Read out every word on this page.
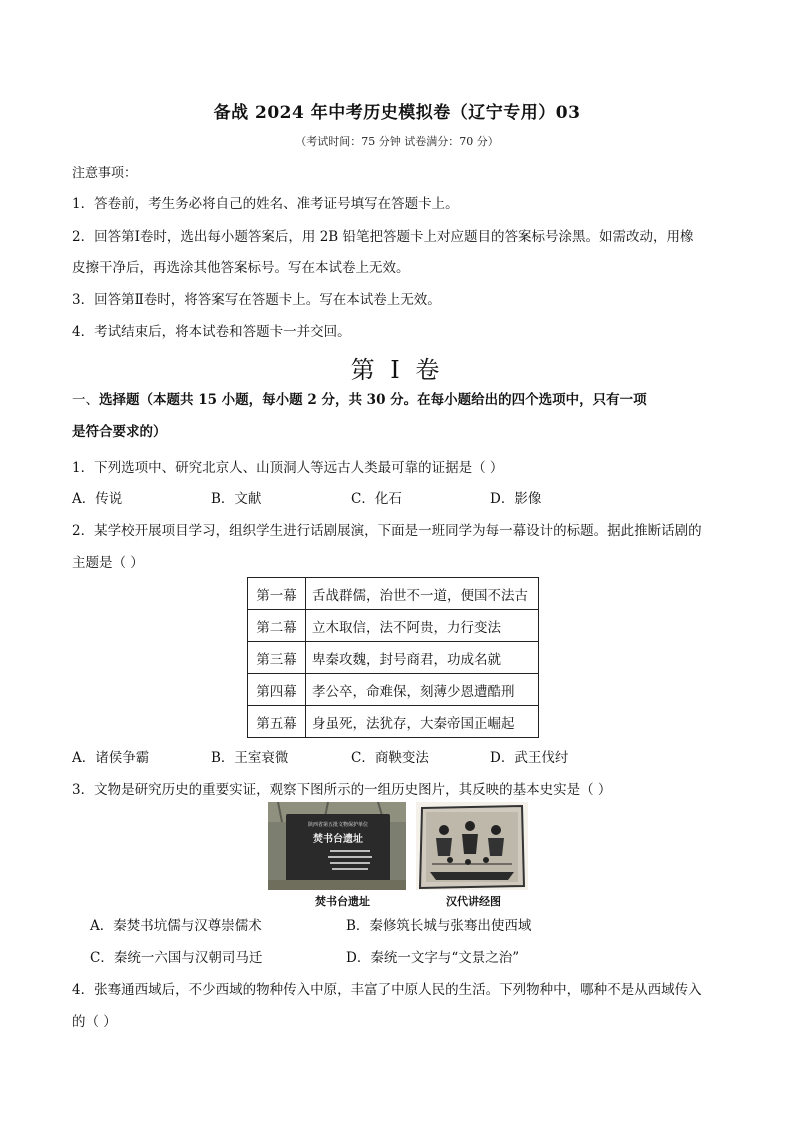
备战 2024 年中考历史模拟卷（辽宁专用）03
（考试时间：75 分钟 试卷满分：70 分）
注意事项：
1．答卷前，考生务必将自己的姓名、准考证号填写在答题卡上。
2．回答第Ⅰ卷时，选出每小题答案后，用 2B 铅笔把答题卡上对应题目的答案标号涂黑。如需改动，用橡
皮擦干净后，再选涂其他答案标号。写在本试卷上无效。
3．回答第Ⅱ卷时，将答案写在答题卡上。写在本试卷上无效。
4．考试结束后，将本试卷和答题卡一并交回。
第 I 卷
一、选择题（本题共 15 小题，每小题 2 分，共 30 分。在每小题给出的四个选项中，只有一项
是符合要求的）
1．下列选项中、研究北京人、山顶洞人等远古人类最可靠的证据是（ ）
A．传说	B．文献	C．化石	D．影像
2．某学校开展项目学习，组织学生进行话剧展演，下面是一班同学为每一幕设计的标题。据此推断话剧的
主题是（ ）
第一幕	舌战群儒，治世不一道，便国不法古
第二幕	立木取信，法不阿贵，力行变法
第三幕	卑秦攻魏，封号商君，功成名就
第四幕	孝公卒，命难保，刻薄少恩遭酷刑
第五幕	身虽死，法犹存，大秦帝国正崛起
A．诸侯争霸	B．王室衰微	C．商鞅变法	D．武王伐纣
3．文物是研究历史的重要实证，观察下图所示的一组历史图片，其反映的基本史实是（ ）
陕西省第五批文物保护单位
焚书台遗址
焚书台遗址	汉代讲经图
A．秦焚书坑儒与汉尊崇儒术	B．秦修筑长城与张骞出使西域
C．秦统一六国与汉朝司马迁	D．秦统一文字与“文景之治”
4．张骞通西域后，不少西域的物种传入中原，丰富了中原人民的生活。下列物种中，哪种不是从西域传入
的（ ）
